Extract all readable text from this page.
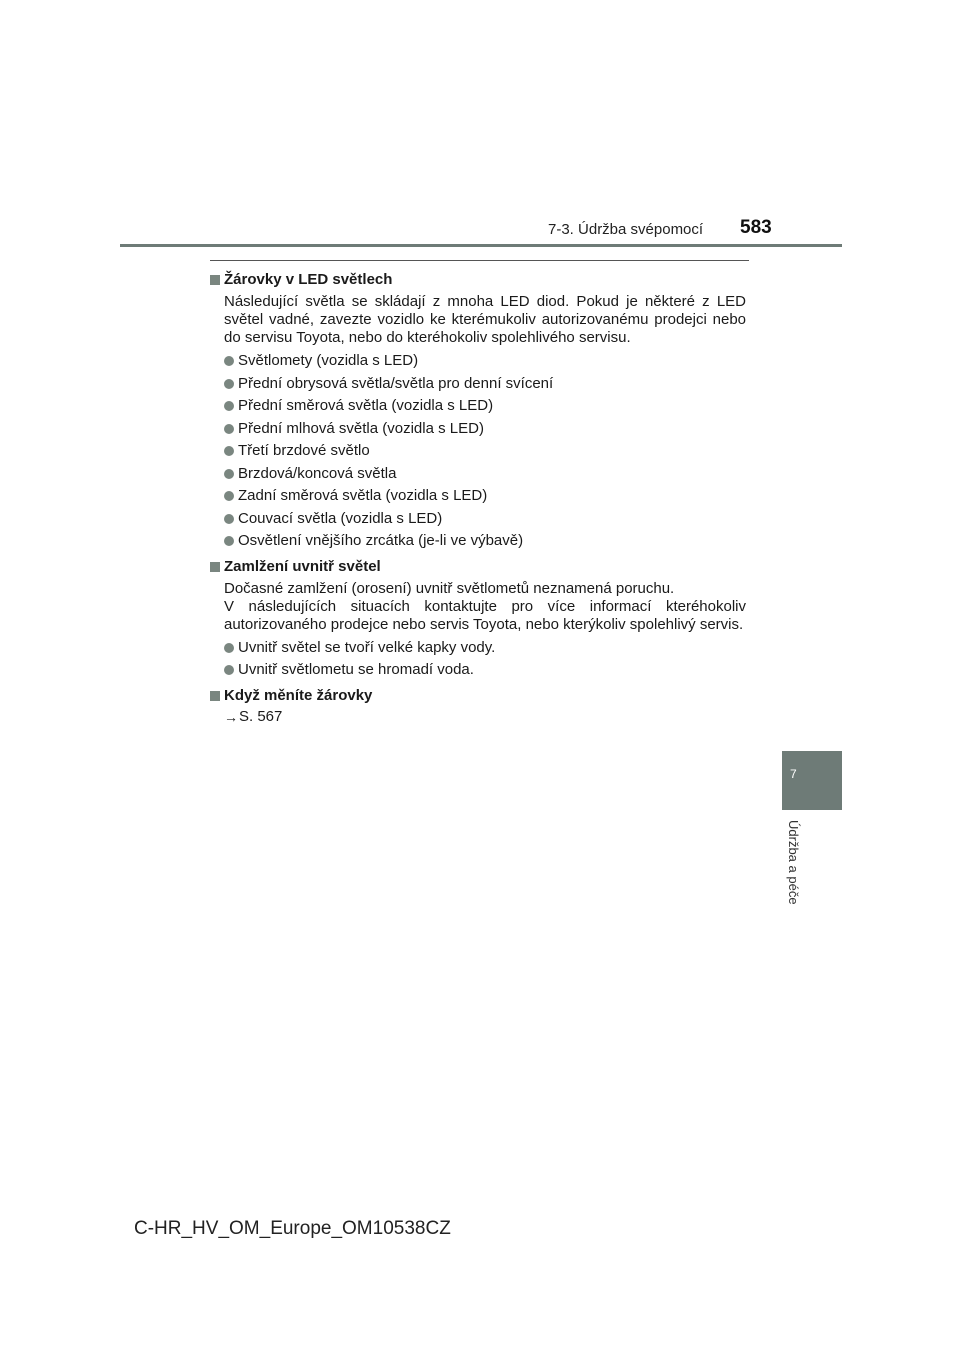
7-3. Údržba svépomocí 583
Žárovky v LED světlech
Následující světla se skládají z mnoha LED diod. Pokud je některé z LED světel vadné, zavezte vozidlo ke kterémukoliv autorizovanému prodejci nebo do servisu Toyota, nebo do kteréhokoliv spolehlivého servisu.
Světlomety (vozidla s LED)
Přední obrysová světla/světla pro denní svícení
Přední směrová světla (vozidla s LED)
Přední mlhová světla (vozidla s LED)
Třetí brzdové světlo
Brzdová/koncová světla
Zadní směrová světla (vozidla s LED)
Couvací světla (vozidla s LED)
Osvětlení vnějšího zrcátka (je-li ve výbavě)
Zamlžení uvnitř světel
Dočasné zamlžení (orosení) uvnitř světlometů neznamená poruchu.
V následujících situacích kontaktujte pro více informací kteréhokoliv autorizovaného prodejce nebo servis Toyota, nebo kterýkoliv spolehlivý servis.
Uvnitř světel se tvoří velké kapky vody.
Uvnitř světlometu se hromadí voda.
Když měníte žárovky
→ S. 567
7
Údržba a péče
C-HR_HV_OM_Europe_OM10538CZ
